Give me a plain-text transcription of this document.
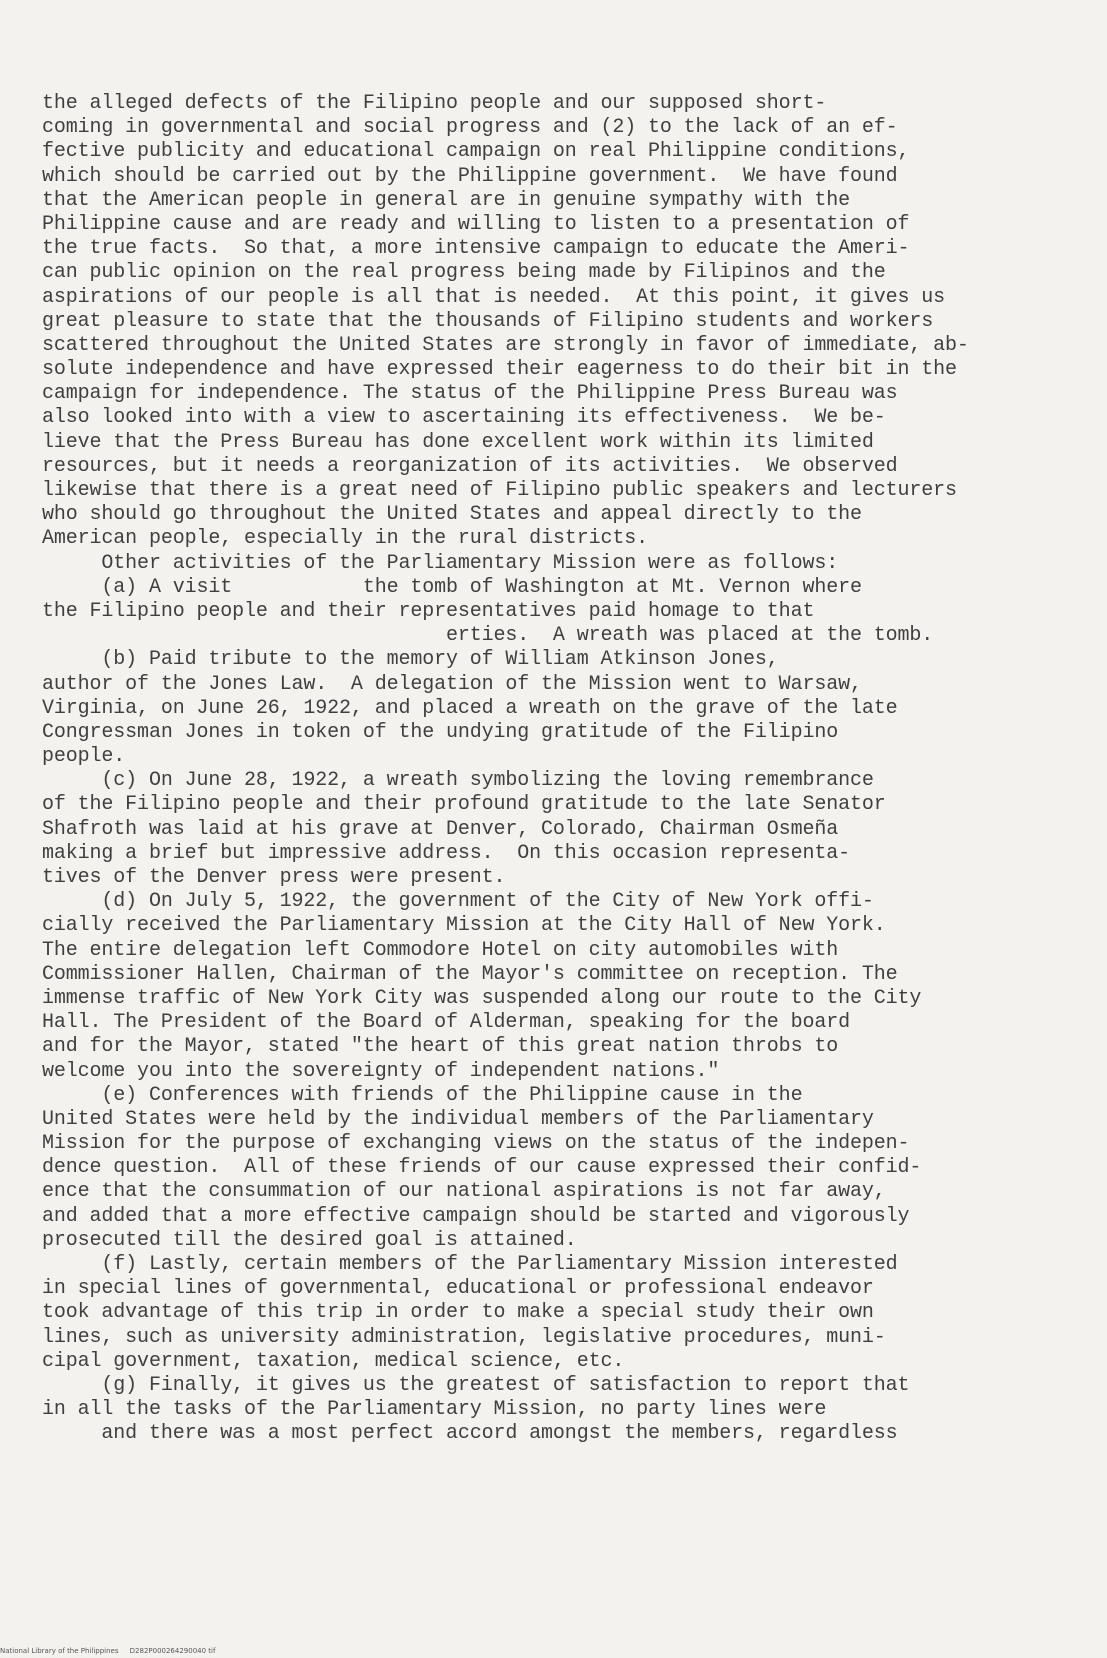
the alleged defects of the Filipino people and our supposed short-
coming in governmental and social progress and (2) to the lack of an ef-
fective publicity and educational campaign on real Philippine conditions,
which should be carried out by the Philippine government.  We have found
that the American people in general are in genuine sympathy with the
Philippine cause and are ready and willing to listen to a presentation of
the true facts.  So that, a more intensive campaign to educate the Ameri-
can public opinion on the real progress being made by Filipinos and the
aspirations of our people is all that is needed.  At this point, it gives us
great pleasure to state that the thousands of Filipino students and workers
scattered throughout the United States are strongly in favor of immediate, ab-
solute independence and have expressed their eagerness to do their bit in the
campaign for independence. The status of the Philippine Press Bureau was
also looked into with a view to ascertaining its effectiveness.  We be-
lieve that the Press Bureau has done excellent work within its limited
resources, but it needs a reorganization of its activities.  We observed
likewise that there is a great need of Filipino public speakers and lecturers
who should go throughout the United States and appeal directly to the
American people, especially in the rural districts.
Other activities of the Parliamentary Mission were as follows:
(a) A visit           the tomb of Washington at Mt. Vernon where
the Filipino people and their representatives paid homage to that
erties.  A wreath was placed at the tomb.
(b) Paid tribute to the memory of William Atkinson Jones,
author of the Jones Law.  A delegation of the Mission went to Warsaw,
Virginia, on June 26, 1922, and placed a wreath on the grave of the late
Congressman Jones in token of the undying gratitude of the Filipino
people.
(c) On June 28, 1922, a wreath symbolizing the loving remembrance
of the Filipino people and their profound gratitude to the late Senator
Shafroth was laid at his grave at Denver, Colorado, Chairman Osmeña
making a brief but impressive address.  On this occasion representa-
tives of the Denver press were present.
(d) On July 5, 1922, the government of the City of New York offi-
cially received the Parliamentary Mission at the City Hall of New York.
The entire delegation left Commodore Hotel on city automobiles with
Commissioner Hallen, Chairman of the Mayor's committee on reception. The
immense traffic of New York City was suspended along our route to the City
Hall. The President of the Board of Alderman, speaking for the board
and for the Mayor, stated "the heart of this great nation throbs to
welcome you into the sovereignty of independent nations."
(e) Conferences with friends of the Philippine cause in the
United States were held by the individual members of the Parliamentary
Mission for the purpose of exchanging views on the status of the indepen-
dence question.  All of these friends of our cause expressed their confid-
ence that the consummation of our national aspirations is not far away,
and added that a more effective campaign should be started and vigorously
prosecuted till the desired goal is attained.
(f) Lastly, certain members of the Parliamentary Mission interested
in special lines of governmental, educational or professional endeavor
took advantage of this trip in order to make a special study their own
lines, such as university administration, legislative procedures, muni-
cipal government, taxation, medical science, etc.
(g) Finally, it gives us the greatest of satisfaction to report that
in all the tasks of the Parliamentary Mission, no party lines were
and there was a most perfect accord amongst the members, regardless
National Library of the Philippines D282P000264290040 tif
